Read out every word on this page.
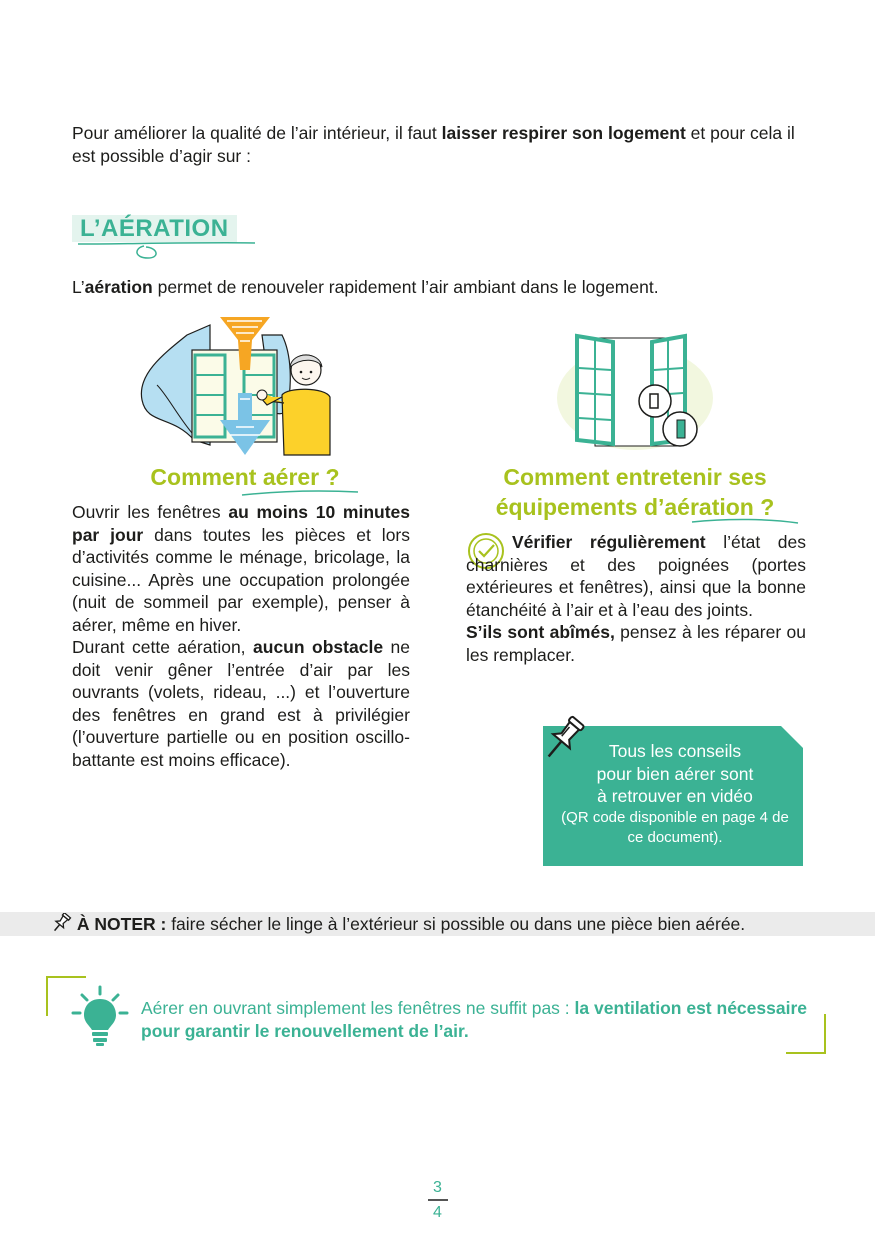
Pour améliorer la qualité de l’air intérieur, il faut laisser respirer son logement et pour cela il est possible d’agir sur :

L’AÉRATION

L’aération permet de renouveler rapidement l’air ambiant dans le logement.

Comment aérer ?

Ouvrir les fenêtres au moins 10 minutes par jour dans toutes les pièces et lors d’activités comme le ménage, bricolage, la cuisine... Après une occupation prolongée (nuit de sommeil par exemple), penser à aérer, même en hiver.

Durant cette aération, aucun obstacle ne doit venir gêner l’entrée d’air par les ouvrants (volets, rideau, ...) et l’ouverture des fenêtres en grand est à privilégier (l’ouverture partielle ou en position oscillo-battante est moins efficace).

Comment entretenir ses
équipements d’aération ?

Vérifier régulièrement l’état des charnières et des poignées (portes extérieures et fenêtres), ainsi que la bonne étanchéité à l’air et à l’eau des joints.

S’ils sont abîmés, pensez à les réparer ou les remplacer.

Tous les conseils
pour bien aérer sont
à retrouver en vidéo
(QR code disponible en page 4 de ce document).
À NOTER : faire sécher le linge à l’extérieur si possible ou dans une pièce bien aérée.

Aérer en ouvrant simplement les fenêtres ne suffit pas : la ventilation est nécessaire pour garantir le renouvellement de l’air.

3
4
